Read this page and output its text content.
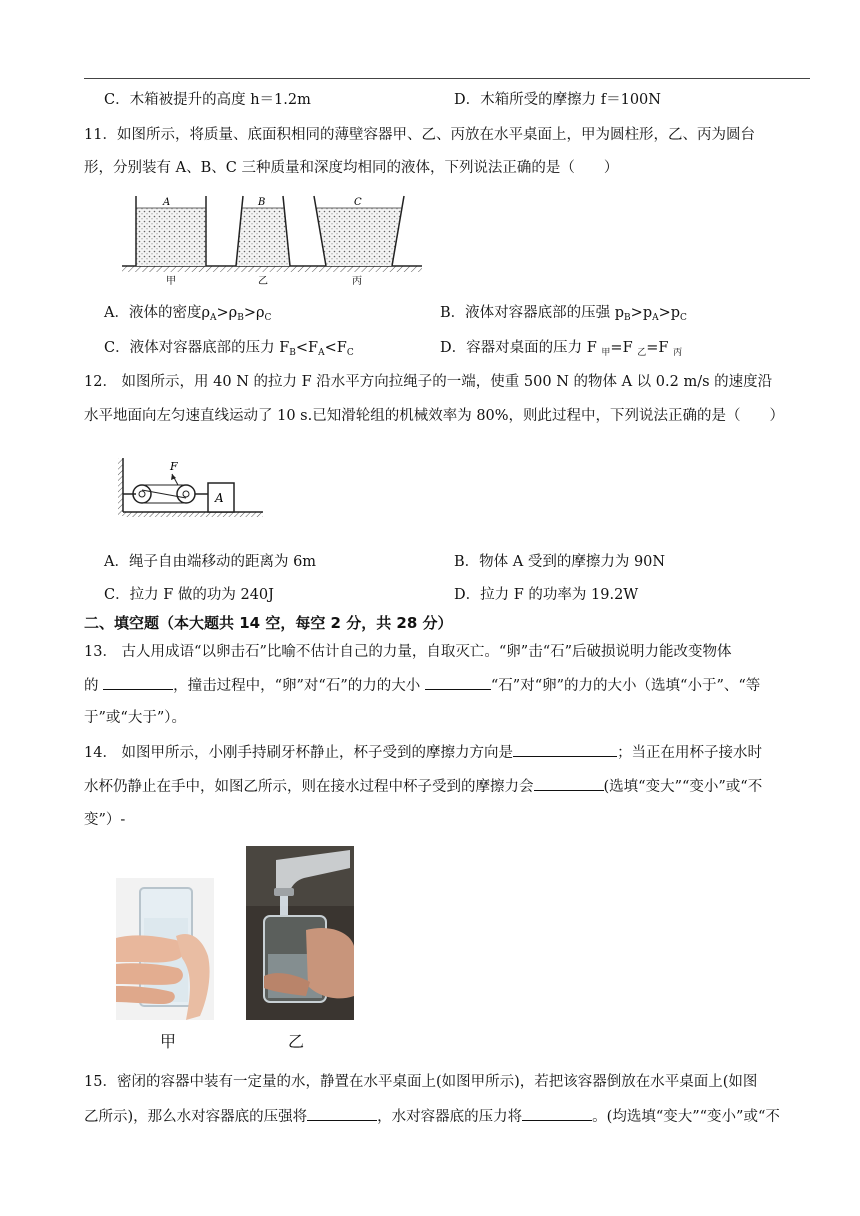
C．木箱被提升的高度 h＝1.2m	D．木箱所受的摩擦力 f＝100N
11．如图所示，将质量、底面积相同的薄壁容器甲、乙、丙放在水平桌面上，甲为圆柱形，乙、丙为圆台
形，分别装有 A、B、C 三种质量和深度均相同的液体，下列说法正确的是（　　）
A	B	C
甲	乙	丙
A．液体的密度$\rho_A>\rho_B>\rho_C$	B．液体对容器底部的压强 $p_B>p_A>p_C$
C．液体对容器底部的压力 $F_B<F_A<F_C$	D．容器对桌面的压力 F $_甲$=F $_乙$=F $_丙$
12． 如图所示，用 40 N 的拉力 F 沿水平方向拉绳子的一端，使重 500 N 的物体 A 以 0.2 m/s 的速度沿
水平地面向左匀速直线运动了 10 s.已知滑轮组的机械效率为 80%，则此过程中，下列说法正确的是（　　）
F
A
A．绳子自由端移动的距离为 6m	B．物体 A 受到的摩擦力为 90N
C．拉力 F 做的功为 240J	D．拉力 F 的功率为 19.2W
二、填空题（本大题共 14 空，每空 2 分，共 28 分）
13． 古人用成语“以卵击石”比喻不估计自己的力量，自取灭亡。“卵”击“石”后破损说明力能改变物体
的	，撞击过程中，“卵”对“石”的力的大小	“石”对“卵”的力的大小（选填“小于”、“等
于”或“大于”）。
14． 如图甲所示，小刚手持刷牙杯静止，杯子受到的摩擦力方向是	；当正在用杯子接水时
水杯仍静止在手中，如图乙所示，则在接水过程中杯子受到的摩擦力会	(选填“变大”“变小”或“不
变”）-
甲	乙
15．密闭的容器中装有一定量的水，静置在水平桌面上(如图甲所示)，若把该容器倒放在水平桌面上(如图
乙所示)，那么水对容器底的压强将	，水对容器底的压力将	。(均选填“变大”“变小”或“不
